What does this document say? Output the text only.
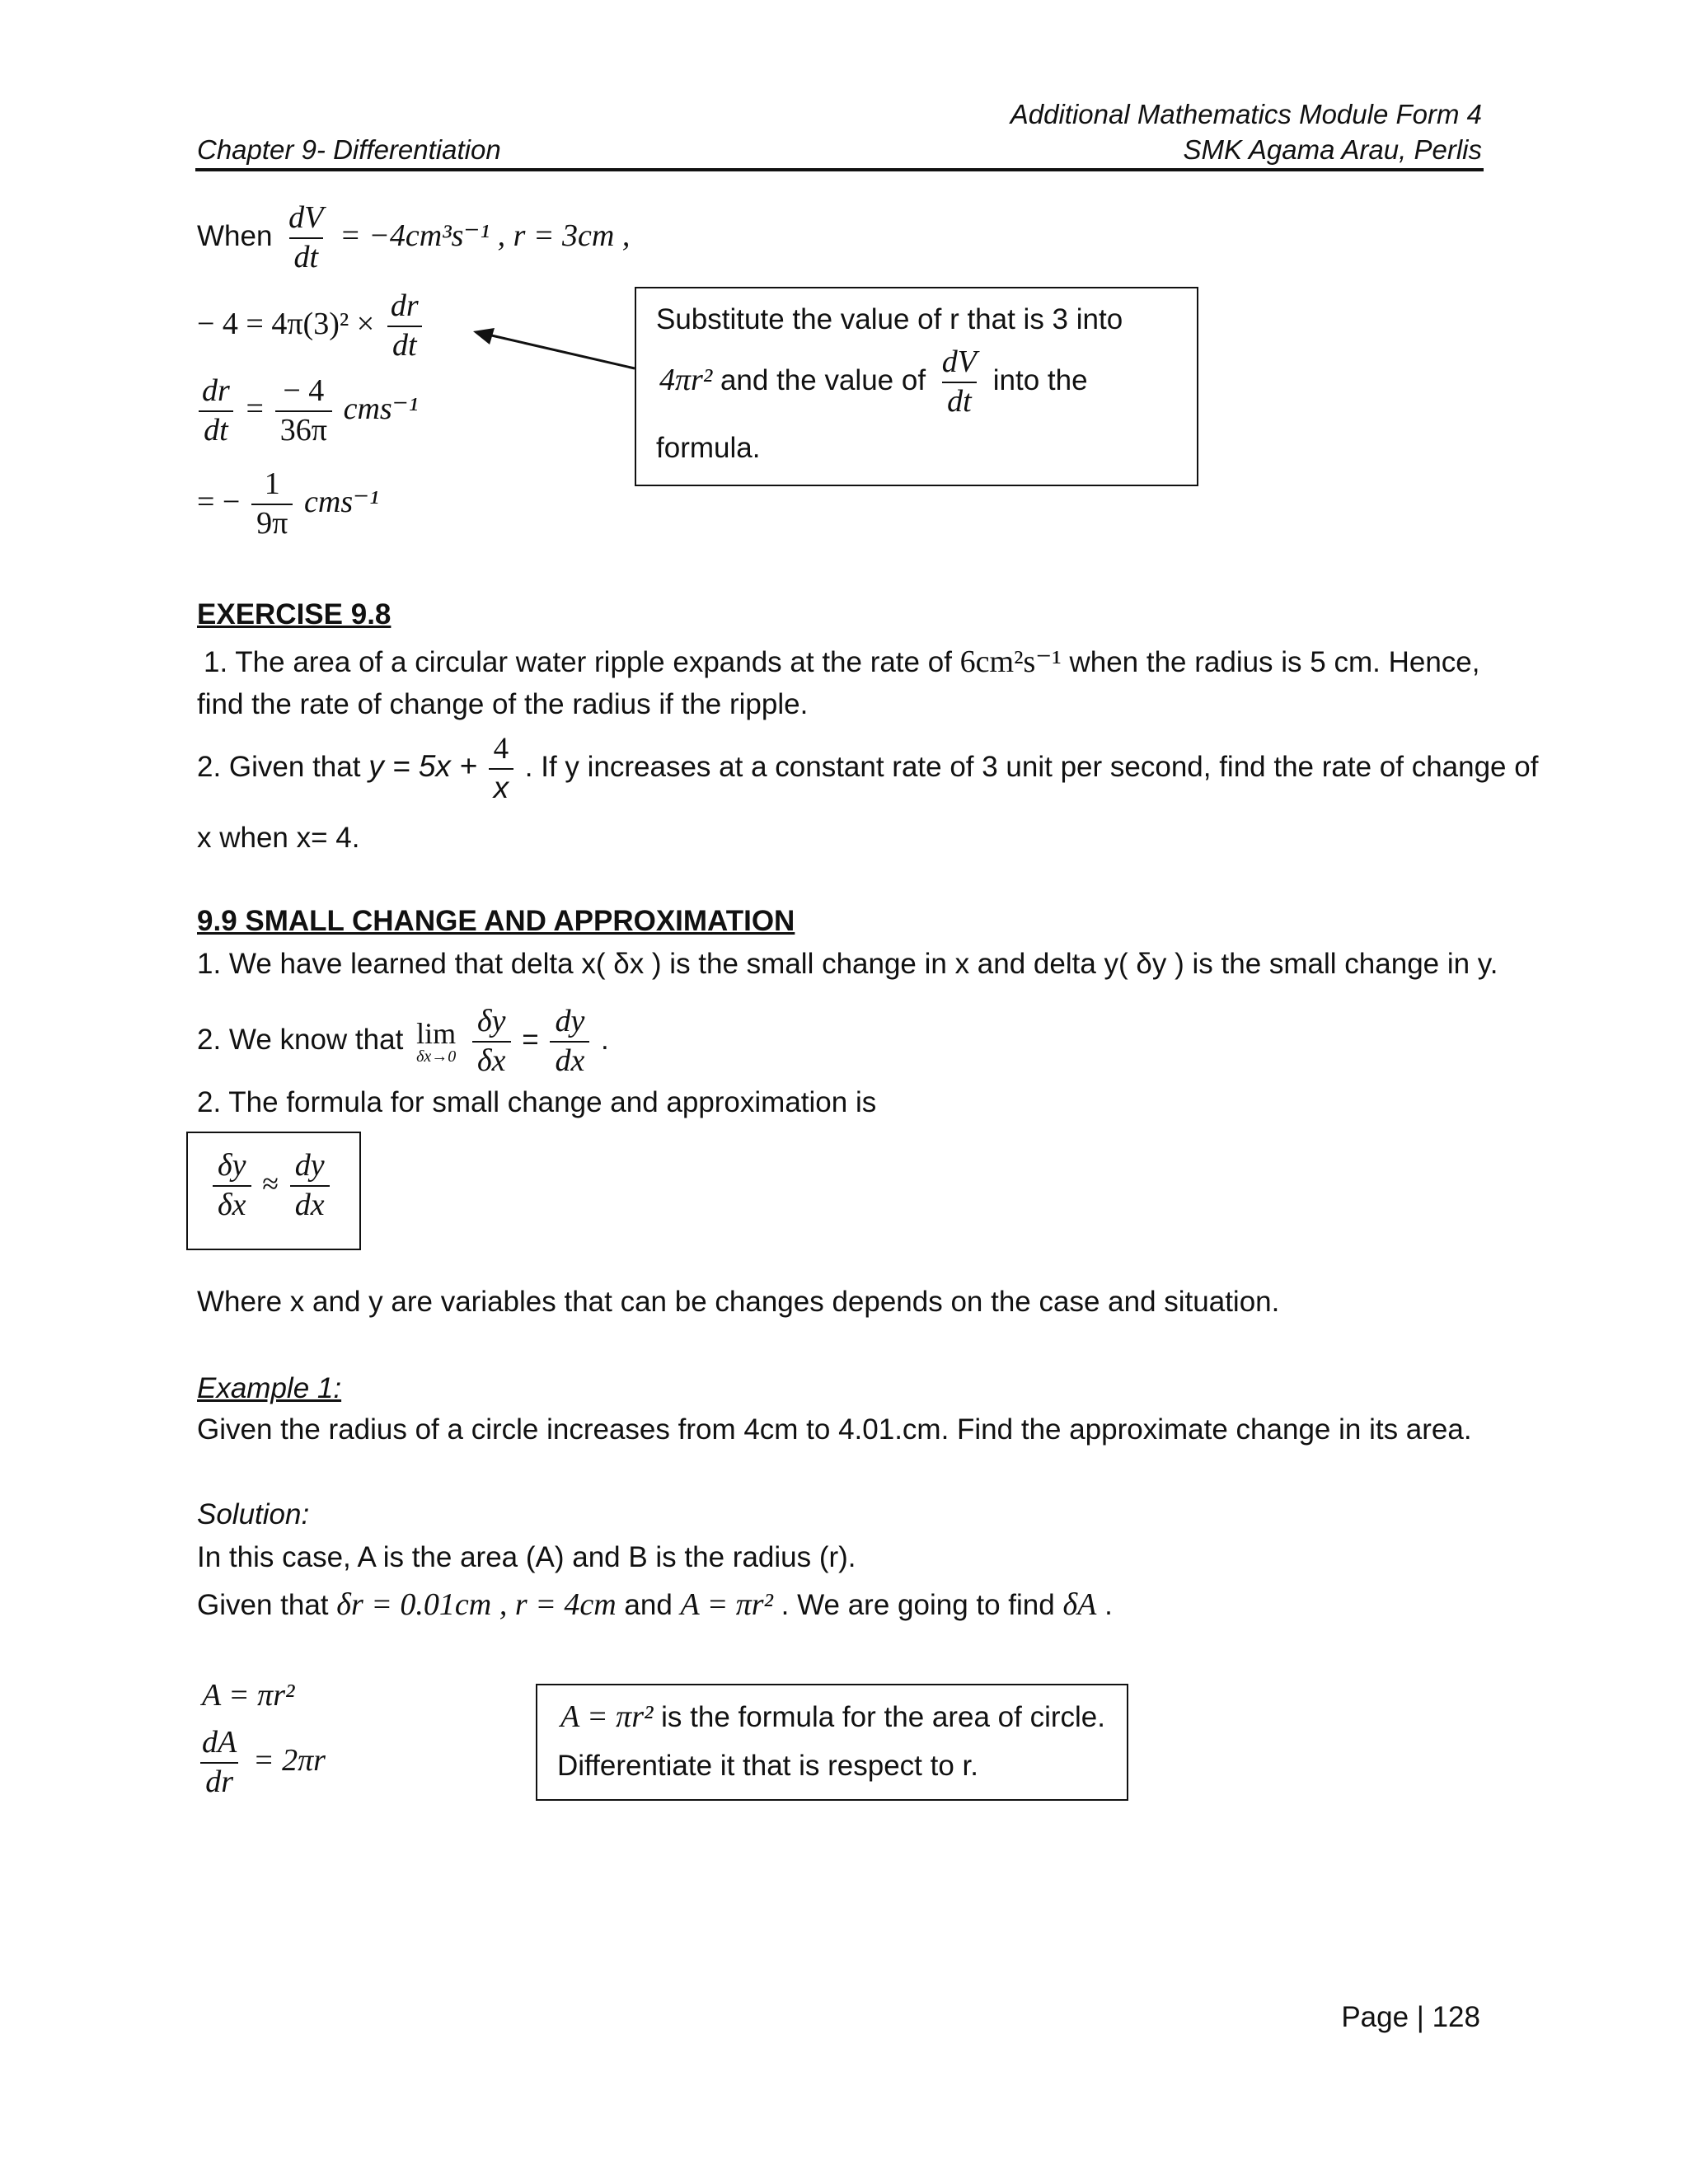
Additional Mathematics Module Form 4
Chapter 9- Differentiation	SMK Agama Arau, Perlis
When $\frac{dV}{dt} = -4cm^3s^{-1}$ , r = 3cm ,
− $4 = 4\pi(3)^2 \times \frac{dr}{dt}$
$\frac{dr}{dt} = \frac{- 4}{36\pi} cms^{-1}$
= − $\frac{1}{9\pi} cms^{-1}$
Substitute the value of r that is 3 into
4πr² and the value of $\frac{dV}{dt}$ into the
formula.
EXERCISE 9.8
1. The area of a circular water ripple expands at the rate of 6cm²s⁻¹ when the radius is 5 cm. Hence,
find the rate of change of the radius if the ripple.
2. Given that $y = 5x + \frac{4}{x}$ . If y increases at a constant rate of 3 unit per second, find the rate of change of
x when x= 4.
9.9 SMALL CHANGE AND APPROXIMATION
1. We have learned that delta x( δx ) is the small change in x and delta y( δy ) is the small change in y.
2. We know that lim
δx→0
$\frac{\delta y}{\delta x} = \frac{dy}{dx}$ .
2. The formula for small change and approximation is
$\frac{\delta y}{\delta x} \approx \frac{dy}{dx}$
Where x and y are variables that can be changes depends on the case and situation.
Example 1:
Given the radius of a circle increases from 4cm to 4.01.cm. Find the approximate change in its area.
Solution:
In this case, A is the area (A) and B is the radius (r).
Given that δr = 0.01cm , r = 4cm and A = πr² . We are going to find δA .
A = πr²
$\frac{dA}{dr} = 2\pi r$
A = πr² is the formula for the area of circle.
Differentiate it that is respect to r.
Page | 128
